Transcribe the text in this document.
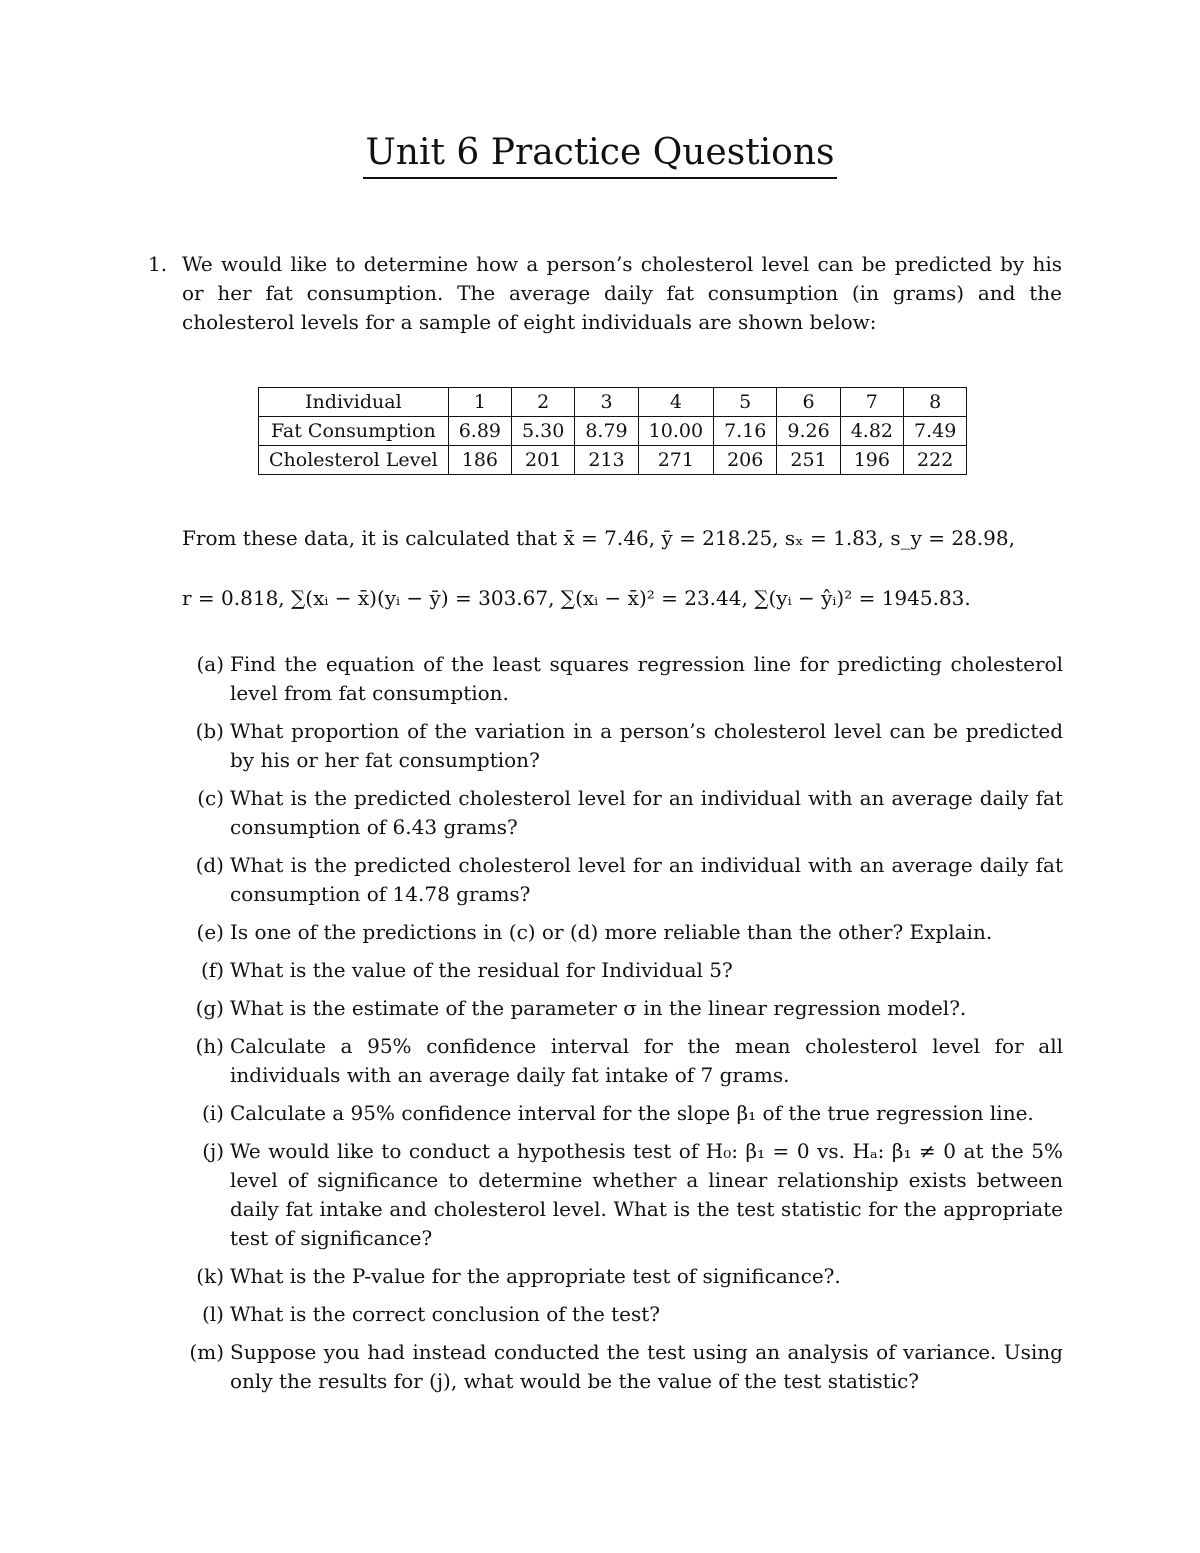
Unit 6 Practice Questions
1. We would like to determine how a person’s cholesterol level can be predicted by his or her fat consumption. The average daily fat consumption (in grams) and the cholesterol levels for a sample of eight individuals are shown below:
Individual	1	2	3	4	5	6	7	8
Fat Consumption	6.89	5.30	8.79	10.00	7.16	9.26	4.82	7.49
Cholesterol Level	186	201	213	271	206	251	196	222
From these data, it is calculated that x̄ = 7.46, ȳ = 218.25, sₓ = 1.83, s_y = 28.98,
r = 0.818, ∑(xᵢ − x̄)(yᵢ − ȳ) = 303.67, ∑(xᵢ − x̄)² = 23.44, ∑(yᵢ − ŷᵢ)² = 1945.83.
(a) Find the equation of the least squares regression line for predicting cholesterol level from fat consumption.
(b) What proportion of the variation in a person’s cholesterol level can be predicted by his or her fat consumption?
(c) What is the predicted cholesterol level for an individual with an average daily fat consumption of 6.43 grams?
(d) What is the predicted cholesterol level for an individual with an average daily fat consumption of 14.78 grams?
(e) Is one of the predictions in (c) or (d) more reliable than the other? Explain.
(f) What is the value of the residual for Individual 5?
(g) What is the estimate of the parameter σ in the linear regression model?.
(h) Calculate a 95% confidence interval for the mean cholesterol level for all individuals with an average daily fat intake of 7 grams.
(i) Calculate a 95% confidence interval for the slope β₁ of the true regression line.
(j) We would like to conduct a hypothesis test of H₀: β₁ = 0 vs. Hₐ: β₁ ≠ 0 at the 5% level of significance to determine whether a linear relationship exists between daily fat intake and cholesterol level. What is the test statistic for the appropriate test of significance?
(k) What is the P-value for the appropriate test of significance?.
(l) What is the correct conclusion of the test?
(m) Suppose you had instead conducted the test using an analysis of variance. Using only the results for (j), what would be the value of the test statistic?
